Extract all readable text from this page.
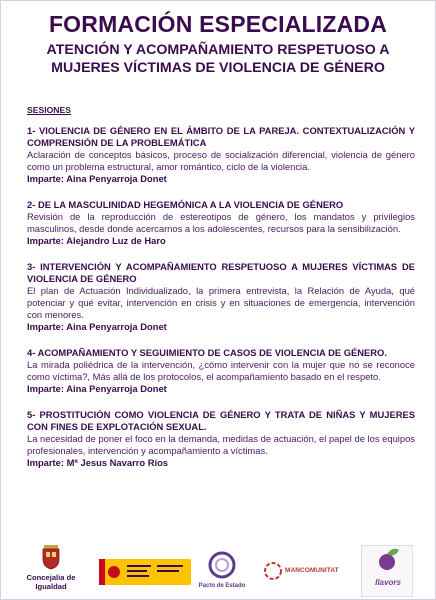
FORMACIÓN ESPECIALIZADA
ATENCIÓN Y ACOMPAÑAMIENTO RESPETUOSO A
MUJERES VÍCTIMAS DE VIOLENCIA DE GÉNERO
SESIONES
1- VIOLENCIA DE GÉNERO EN EL ÁMBITO DE LA PAREJA. CONTEXTUALIZACIÓN Y COMPRENSIÓN DE LA PROBLEMÁTICA
Aclaración de conceptos básicos, proceso de socialización diferencial, violencia de género como un problema estructural, amor romántico, ciclo de la violencia.
Imparte: Aina Penyarroja Donet
2- DE LA MASCULINIDAD HEGEMÓNICA A LA VIOLENCIA DE GÉNERO
Revisión de la reproducción de estereotipos de género, los mandatos y privilegios masculinos, desde donde acercarnos a los adolescentes, recursos para la sensibilización.
Imparte: Alejandro Luz de Haro
3- INTERVENCIÓN Y ACOMPAÑAMIENTO RESPETUOSO A MUJERES VÍCTIMAS DE VIOLENCIA DE GÉNERO
El plan de Actuación Individualizado, la primera entrevista, la Relación de Ayuda, qué potenciar y qué evitar, intervención en crisis y en situaciones de emergencia, intervención con menores.
Imparte: Aina Penyarroja Donet
4- ACOMPAÑAMIENTO Y SEGUIMIENTO DE CASOS DE VIOLENCIA DE GÉNERO.
La mirada poliédrica de la intervención, ¿cómo intervenir con la mujer que no se reconoce como víctima?, Más allá de los protocolos, el acompañamiento basado en el respeto.
Imparte: Aina Penyarroja Donet
5- PROSTITUCIÓN COMO VIOLENCIA DE GÉNERO Y TRATA DE NIÑAS Y MUJERES CON FINES DE EXPLOTACIÓN SEXUAL.
La necesidad de poner el foco en la demanda, medidas de actuación, el papel de los equipos profesionales, intervención y acompañamiento a víctimas.
Imparte: Mª Jesus Navarro Ríos
Concejalia de
Igualdad	Pacto de Estado
MANCOMUNITAT
llavors
